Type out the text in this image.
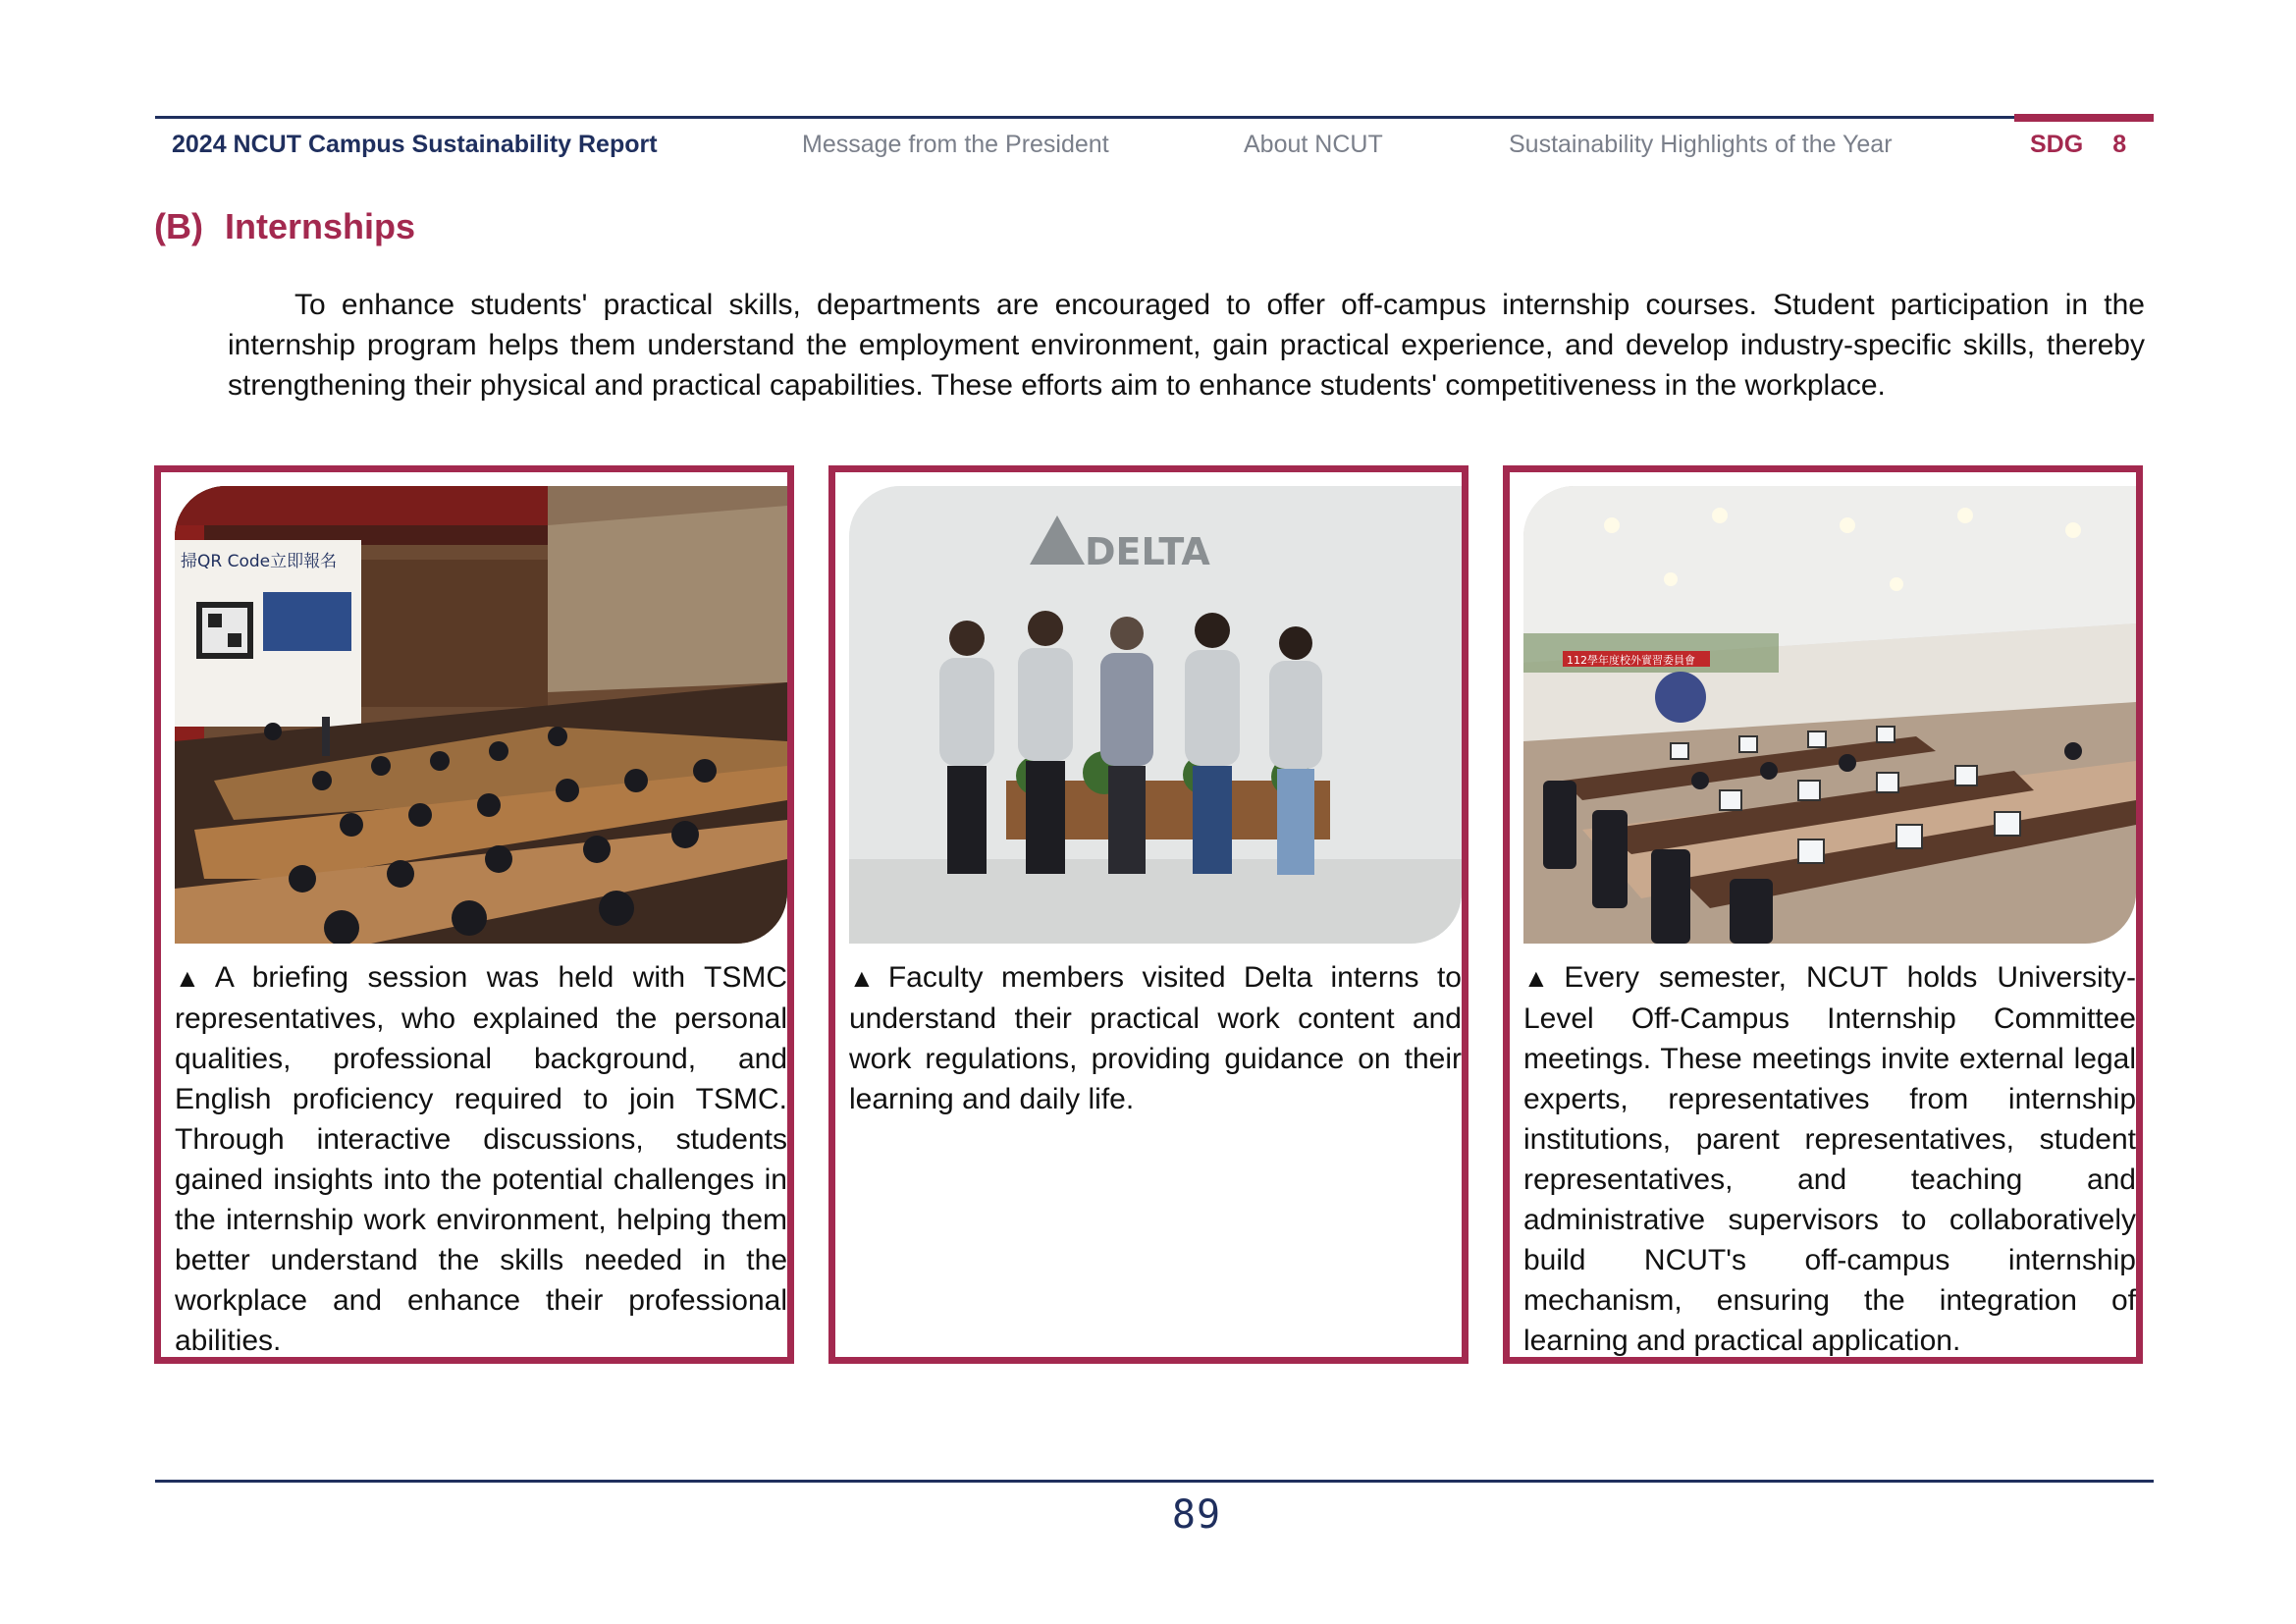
2024 NCUT Campus Sustainability Report	Message from the President	About NCUT	Sustainability Highlights of the Year	SDG 8
(B) Internships

To enhance students' practical skills, departments are encouraged to offer off-campus internship courses. Student participation in the internship program helps them understand the employment environment, gain practical experience, and develop industry-specific skills, thereby strengthening their physical and practical capabilities. These efforts aim to enhance students' competitiveness in the workplace.

掃QR Code立即報名

▲ A briefing session was held with TSMC representatives, who explained the personal qualities, professional background, and English proficiency required to join TSMC. Through interactive discussions, students gained insights into the potential challenges in the internship work environment, helping them better understand the skills needed in the workplace and enhance their professional abilities.

DELTA

▲ Faculty members visited Delta interns to understand their practical work content and work regulations, providing guidance on their learning and daily life.

112學年度校外實習委員會

▲ Every semester, NCUT holds University-Level Off-Campus Internship Committee meetings. These meetings invite external legal experts, representatives from internship institutions, parent representatives, student representatives, and teaching and administrative supervisors to collaboratively build NCUT's off-campus internship mechanism, ensuring the integration of learning and practical application.

89
